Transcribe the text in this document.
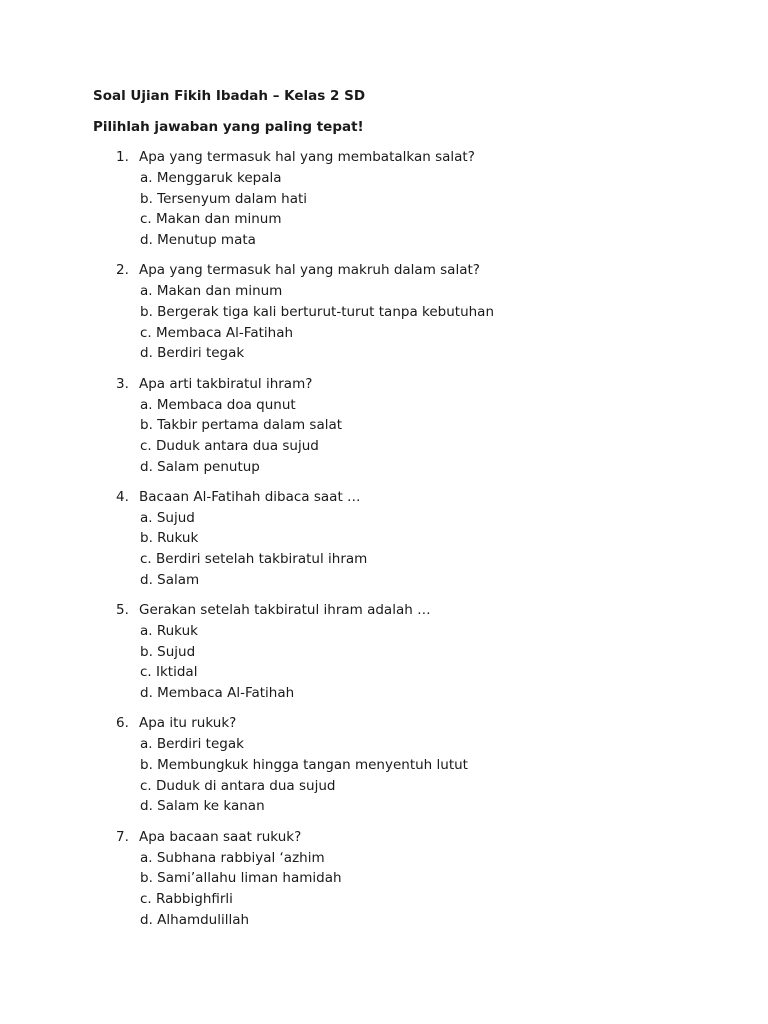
Soal Ujian Fikih Ibadah – Kelas 2 SD
Pilihlah jawaban yang paling tepat!
1. Apa yang termasuk hal yang membatalkan salat?
a. Menggaruk kepala
b. Tersenyum dalam hati
c. Makan dan minum
d. Menutup mata
2. Apa yang termasuk hal yang makruh dalam salat?
a. Makan dan minum
b. Bergerak tiga kali berturut-turut tanpa kebutuhan
c. Membaca Al-Fatihah
d. Berdiri tegak
3. Apa arti takbiratul ihram?
a. Membaca doa qunut
b. Takbir pertama dalam salat
c. Duduk antara dua sujud
d. Salam penutup
4. Bacaan Al-Fatihah dibaca saat …
a. Sujud
b. Rukuk
c. Berdiri setelah takbiratul ihram
d. Salam
5. Gerakan setelah takbiratul ihram adalah …
a. Rukuk
b. Sujud
c. Iktidal
d. Membaca Al-Fatihah
6. Apa itu rukuk?
a. Berdiri tegak
b. Membungkuk hingga tangan menyentuh lutut
c. Duduk di antara dua sujud
d. Salam ke kanan
7. Apa bacaan saat rukuk?
a. Subhana rabbiyal ‘azhim
b. Sami’allahu liman hamidah
c. Rabbighfirli
d. Alhamdulillah
